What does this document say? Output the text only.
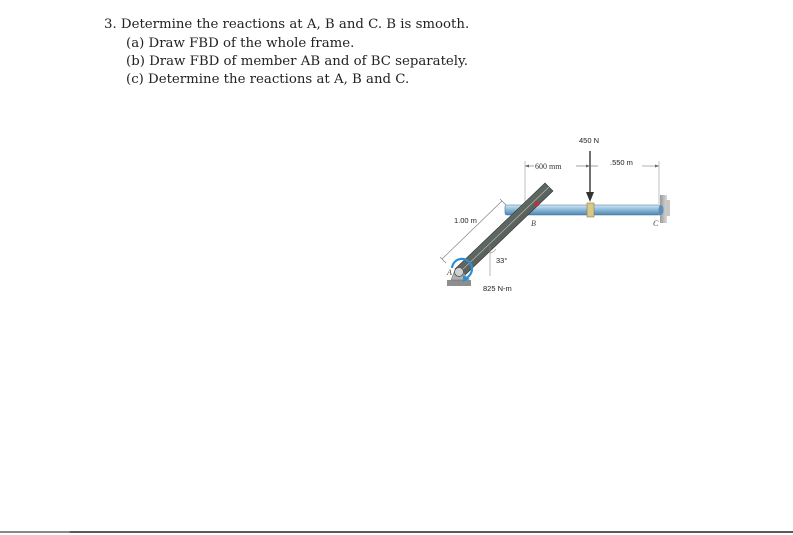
3. Determine the reactions at A, B and C. B is smooth.
(a) Draw FBD of the whole frame.
(b) Draw FBD of member AB and of BC separately.
(c) Determine the reactions at A, B and C.
450 N
600 mm	.550 m
1.00 m
33°
825 N-m
A
B	C
